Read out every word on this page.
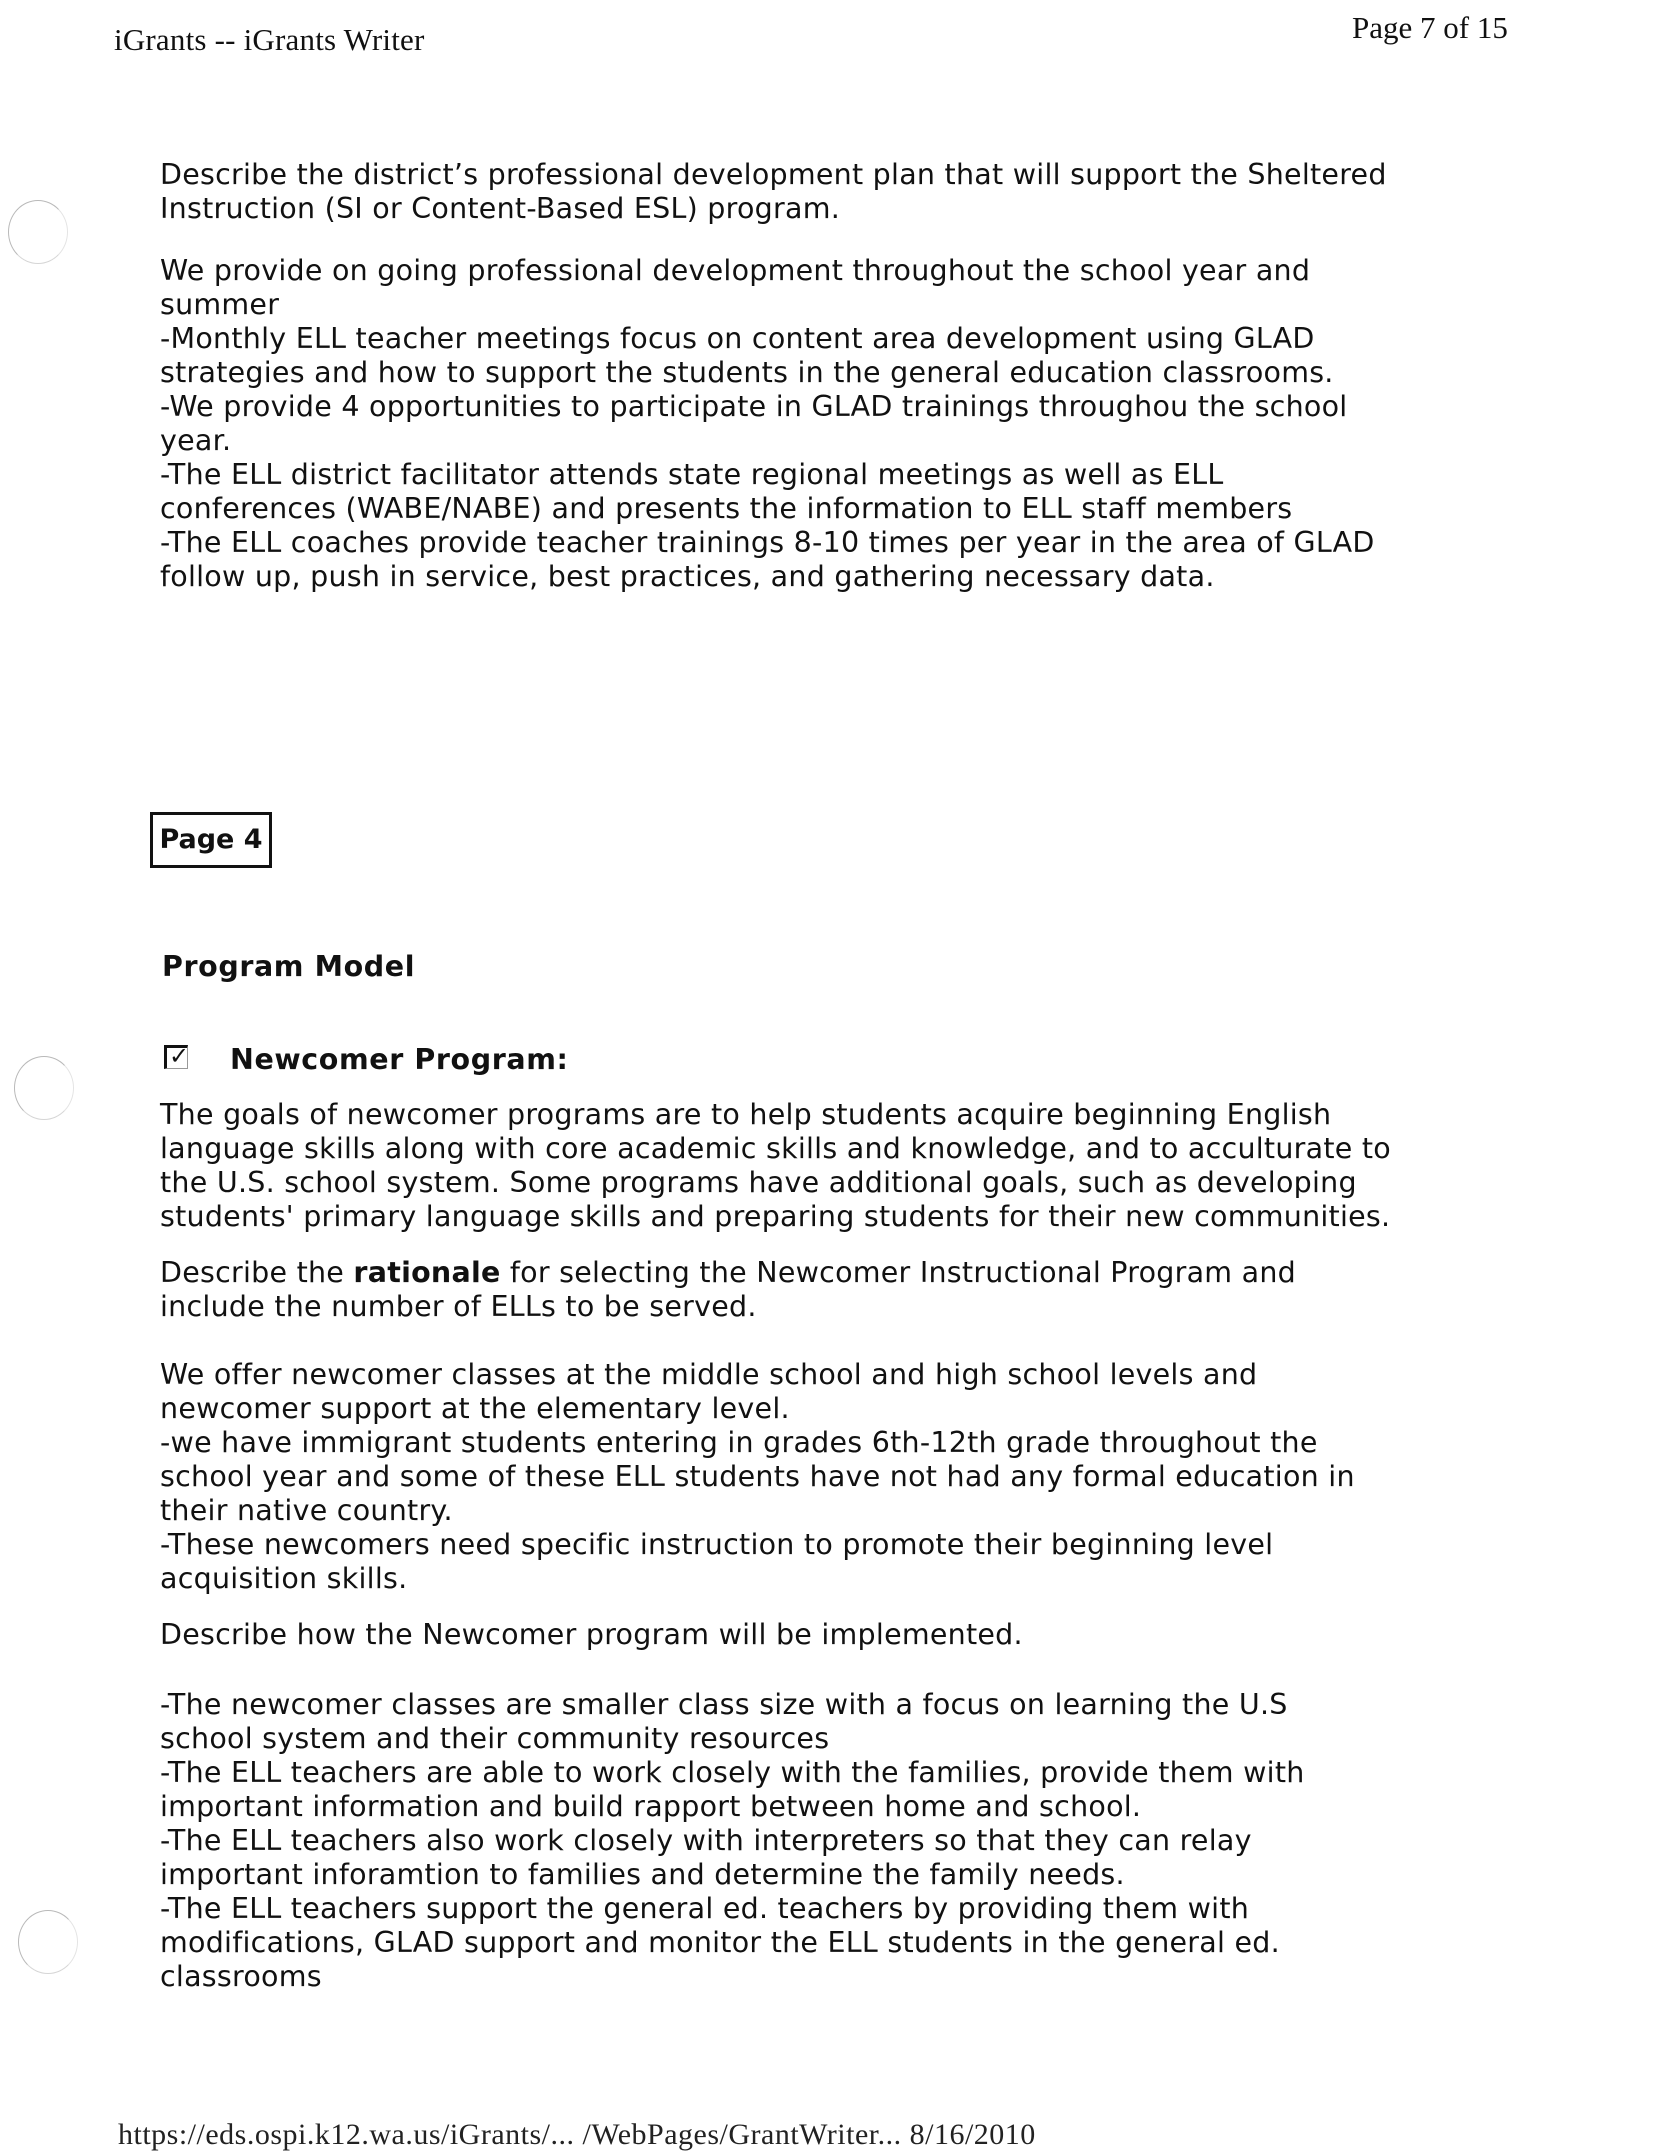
iGrants -- iGrants Writer	Page 7 of 15
Describe the district’s professional development plan that will support the Sheltered
Instruction (SI or Content-Based ESL) program.
We provide on going professional development throughout the school year and
summer
-Monthly ELL teacher meetings focus on content area development using GLAD
strategies and how to support the students in the general education classrooms.
-We provide 4 opportunities to participate in GLAD trainings throughou the school
year.
-The ELL district facilitator attends state regional meetings as well as ELL
conferences (WABE/NABE) and presents the information to ELL staff members
-The ELL coaches provide teacher trainings 8-10 times per year in the area of GLAD
follow up, push in service, best practices, and gathering necessary data.
Page 4
Program Model
✓ Newcomer Program:
The goals of newcomer programs are to help students acquire beginning English
language skills along with core academic skills and knowledge, and to acculturate to
the U.S. school system. Some programs have additional goals, such as developing
students' primary language skills and preparing students for their new communities.
Describe the rationale for selecting the Newcomer Instructional Program and
include the number of ELLs to be served.
We offer newcomer classes at the middle school and high school levels and
newcomer support at the elementary level.
-we have immigrant students entering in grades 6th-12th grade throughout the
school year and some of these ELL students have not had any formal education in
their native country.
-These newcomers need specific instruction to promote their beginning level
acquisition skills.
Describe how the Newcomer program will be implemented.
-The newcomer classes are smaller class size with a focus on learning the U.S
school system and their community resources
-The ELL teachers are able to work closely with the families, provide them with
important information and build rapport between home and school.
-The ELL teachers also work closely with interpreters so that they can relay
important inforamtion to families and determine the family needs.
-The ELL teachers support the general ed. teachers by providing them with
modifications, GLAD support and monitor the ELL students in the general ed.
classrooms
https://eds.ospi.k12.wa.us/iGrants/... /WebPages/GrantWriter... 8/16/2010
